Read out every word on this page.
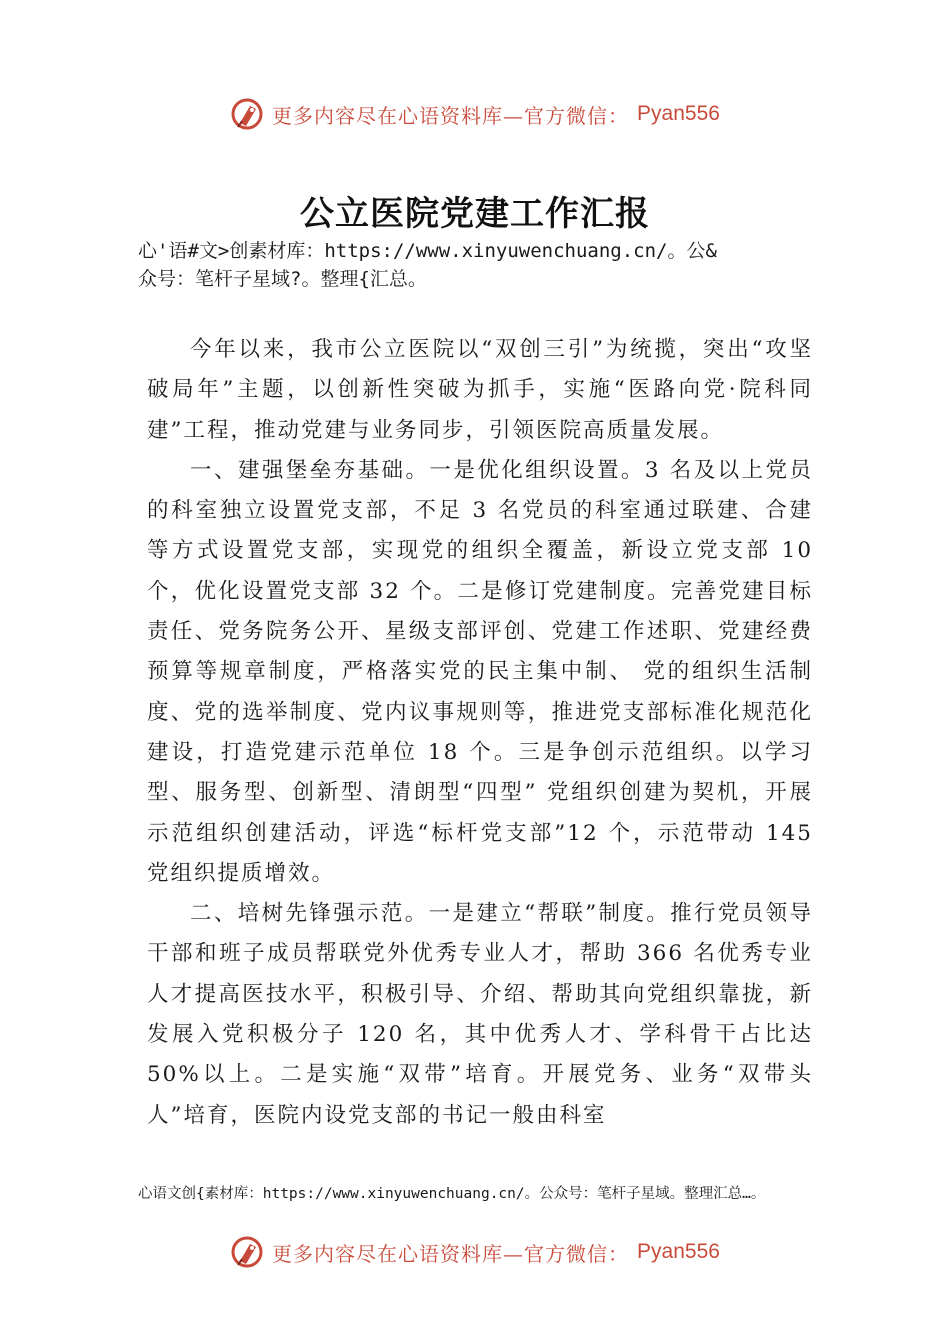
更多内容尽在心语资料库—官方微信： Pyan556
公立医院党建工作汇报
心'语#文>创素材库：https://www.xinyuwenchuang.cn/。公&
众号：笔杆子星域?。整理{汇总。

今年以来，我市公立医院以“双创三引”为统揽，突出“攻坚破局年”主题，以创新性突破为抓手，实施“医路向党·院科同建”工程，推动党建与业务同步，引领医院高质量发展。

一、建强堡垒夯基础。一是优化组织设置。3 名及以上党员的科室独立设置党支部，不足 3 名党员的科室通过联建、合建等方式设置党支部，实现党的组织全覆盖，新设立党支部 10 个，优化设置党支部 32 个。二是修订党建制度。完善党建目标责任、党务院务公开、星级支部评创、党建工作述职、党建经费预算等规章制度，严格落实党的民主集中制、 党的组织生活制度、党的选举制度、党内议事规则等，推进党支部标准化规范化建设，打造党建示范单位 18 个。三是争创示范组织。以学习型、服务型、创新型、清朗型“四型” 党组织创建为契机，开展示范组织创建活动，评选“标杆党支部”12 个，示范带动 145 党组织提质增效。

二、培树先锋强示范。一是建立“帮联”制度。推行党员领导干部和班子成员帮联党外优秀专业人才，帮助 366 名优秀专业人才提高医技水平，积极引导、介绍、帮助其向党组织靠拢，新发展入党积极分子 120 名，其中优秀人才、学科骨干占比达 50%以上。二是实施“双带”培育。开展党务、业务“双带头人”培育，医院内设党支部的书记一般由科室

心语文创{素材库：https://www.xinyuwenchuang.cn/。公众号：笔杆子星域。整理汇总…。
更多内容尽在心语资料库—官方微信： Pyan556
